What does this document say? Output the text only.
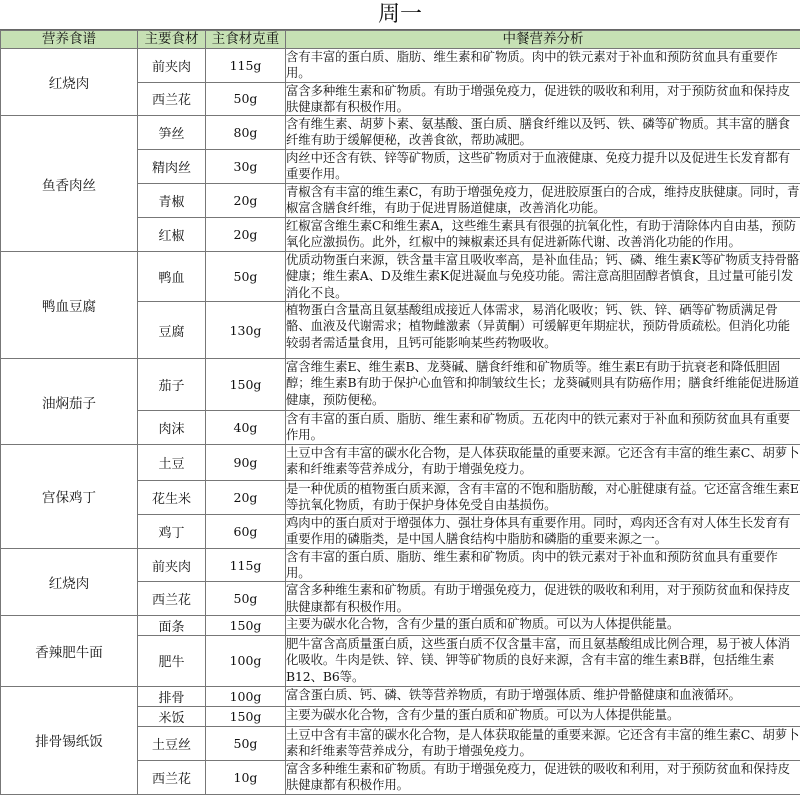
周一
营养食谱	主要食材	主食材克重	中餐营养分析
红烧肉	前夹肉	115g	含有丰富的蛋白质、脂肪、维生素和矿物质。肉中的铁元素对于补血和预防贫血具有重要作用。
	西兰花	50g	富含多种维生素和矿物质。有助于增强免疫力，促进铁的吸收和利用，对于预防贫血和保持皮肤健康都有积极作用。
鱼香肉丝	笋丝	80g	含有维生素、胡萝卜素、氨基酸、蛋白质、膳食纤维以及钙、铁、磷等矿物质。其丰富的膳食纤维有助于缓解便秘，改善食欲，帮助减肥。
	精肉丝	30g	肉丝中还含有铁、锌等矿物质，这些矿物质对于血液健康、免疫力提升以及促进生长发育都有重要作用。
	青椒	20g	青椒含有丰富的维生素C，有助于增强免疫力，促进胶原蛋白的合成，维持皮肤健康。同时，青椒富含膳食纤维，有助于促进胃肠道健康，改善消化功能。
	红椒	20g	红椒富含维生素C和维生素A，这些维生素具有很强的抗氧化性，有助于清除体内自由基，预防氧化应激损伤。此外，红椒中的辣椒素还具有促进新陈代谢、改善消化功能的作用。
鸭血豆腐	鸭血	50g	优质动物蛋白来源，铁含量丰富且吸收率高，是补血佳品；钙、磷、维生素K等矿物质支持骨骼健康；维生素A、D及维生素K促进凝血与免疫功能。需注意高胆固醇者慎食，且过量可能引发消化不良。
	豆腐	130g	植物蛋白含量高且氨基酸组成接近人体需求，易消化吸收；钙、铁、锌、硒等矿物质满足骨骼、血液及代谢需求；植物雌激素（异黄酮）可缓解更年期症状，预防骨质疏松。但消化功能较弱者需适量食用，且钙可能影响某些药物吸收。
油焖茄子	茄子	150g	富含维生素E、维生素B、龙葵碱、膳食纤维和矿物质等。维生素E有助于抗衰老和降低胆固醇；维生素B有助于保护心血管和抑制皱纹生长；龙葵碱则具有防癌作用；膳食纤维能促进肠道健康，预防便秘。
	肉沫	40g	含有丰富的蛋白质、脂肪、维生素和矿物质。五花肉中的铁元素对于补血和预防贫血具有重要作用。
宫保鸡丁	土豆	90g	土豆中含有丰富的碳水化合物，是人体获取能量的重要来源。它还含有丰富的维生素C、胡萝卜素和纤维素等营养成分，有助于增强免疫力。
	花生米	20g	是一种优质的植物蛋白质来源，含有丰富的不饱和脂肪酸，对心脏健康有益。它还富含维生素E等抗氧化物质，有助于保护身体免受自由基损伤。
	鸡丁	60g	鸡肉中的蛋白质对于增强体力、强壮身体具有重要作用。同时，鸡肉还含有对人体生长发育有重要作用的磷脂类，是中国人膳食结构中脂肪和磷脂的重要来源之一。
红烧肉	前夹肉	115g	含有丰富的蛋白质、脂肪、维生素和矿物质。肉中的铁元素对于补血和预防贫血具有重要作用。
	西兰花	50g	富含多种维生素和矿物质。有助于增强免疫力，促进铁的吸收和利用，对于预防贫血和保持皮肤健康都有积极作用。
香辣肥牛面	面条	150g	主要为碳水化合物，含有少量的蛋白质和矿物质。可以为人体提供能量。
	肥牛	100g	肥牛富含高质量蛋白质，这些蛋白质不仅含量丰富，而且氨基酸组成比例合理，易于被人体消化吸收。牛肉是铁、锌、镁、钾等矿物质的良好来源，含有丰富的维生素B群，包括维生素B12、B6等。
排骨锡纸饭	排骨	100g	富含蛋白质、钙、磷、铁等营养物质，有助于增强体质、维护骨骼健康和血液循环。
	米饭	150g	主要为碳水化合物，含有少量的蛋白质和矿物质。可以为人体提供能量。
	土豆丝	50g	土豆中含有丰富的碳水化合物，是人体获取能量的重要来源。它还含有丰富的维生素C、胡萝卜素和纤维素等营养成分，有助于增强免疫力。
	西兰花	10g	富含多种维生素和矿物质。有助于增强免疫力，促进铁的吸收和利用，对于预防贫血和保持皮肤健康都有积极作用。
